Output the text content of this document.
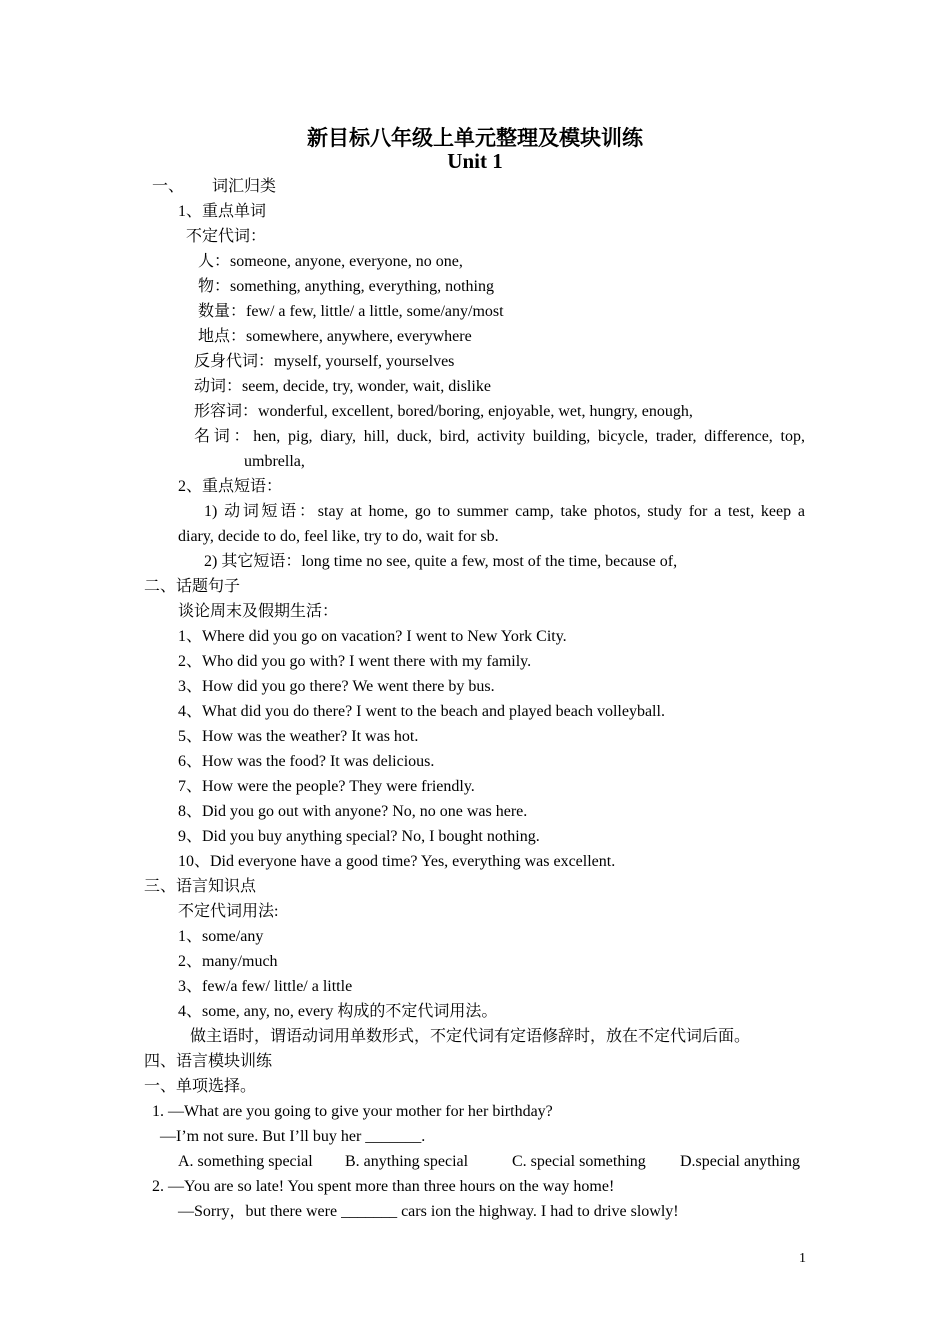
新目标八年级上单元整理及模块训练
Unit 1
一、 词汇归类
1、重点单词
不定代词：
人：someone, anyone, everyone, no one,
物：something, anything, everything, nothing
数量：few/ a few, little/ a little, some/any/most
地点：somewhere, anywhere, everywhere
反身代词：myself, yourself, yourselves
动词：seem, decide, try, wonder, wait, dislike
形容词：wonderful, excellent, bored/boring, enjoyable, wet, hungry, enough,
名词：hen, pig, diary, hill, duck, bird, activity building, bicycle, trader, difference, top,
umbrella,
2、重点短语：
1) 动词短语：stay at home, go to summer camp, take photos, study for a test, keep a
diary, decide to do, feel like, try to do, wait for sb.
2) 其它短语：long time no see, quite a few, most of the time, because of,
二、话题句子
谈论周末及假期生活：
1、Where did you go on vacation? I went to New York City.
2、Who did you go with? I went there with my family.
3、How did you go there? We went there by bus.
4、What did you do there? I went to the beach and played beach volleyball.
5、How was the weather? It was hot.
6、How was the food? It was delicious.
7、How were the people? They were friendly.
8、Did you go out with anyone? No, no one was here.
9、Did you buy anything special? No, I bought nothing.
10、Did everyone have a good time? Yes, everything was excellent.
三、语言知识点
不定代词用法:
1、some/any
2、many/much
3、few/a few/ little/ a little
4、some, any, no, every 构成的不定代词用法。
做主语时，谓语动词用单数形式，不定代词有定语修辞时，放在不定代词后面。
四、语言模块训练
一、单项选择。
1. —What are you going to give your mother for her birthday?
—I’m not sure. But I’ll buy her _______.
A. something special B. anything special	C. special something D.special anything
2. —You are so late! You spent more than three hours on the way home!
—Sorry，but there were _______ cars ion the highway. I had to drive slowly!
1
